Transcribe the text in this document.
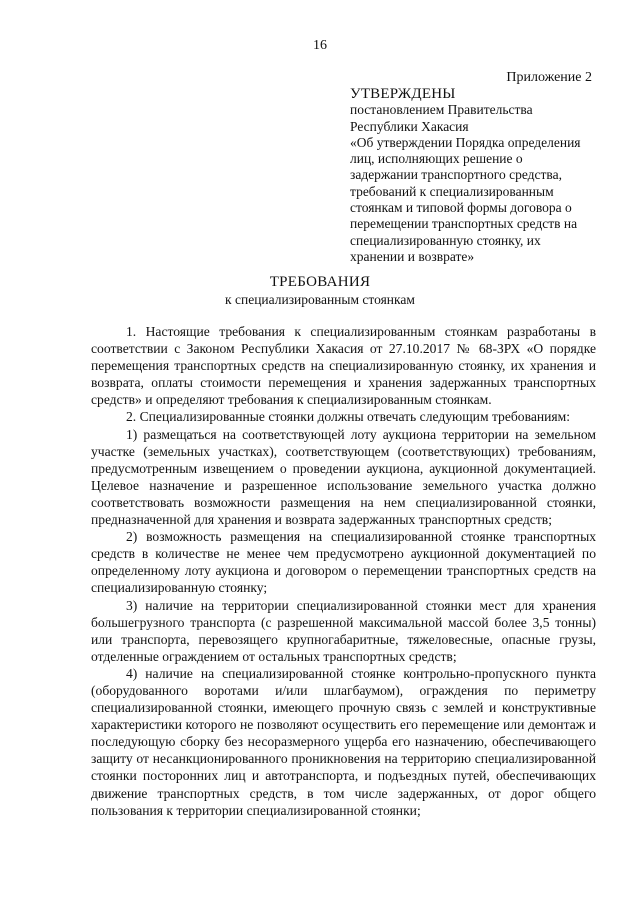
16
Приложение 2
УТВЕРЖДЕНЫ
постановлением Правительства
Республики Хакасия
«Об утверждении Порядка определения
лиц, исполняющих решение о
задержании транспортного средства,
требований к специализированным
стоянкам и типовой формы договора о
перемещении транспортных средств на
специализированную стоянку, их
хранении и возврате»
ТРЕБОВАНИЯ
к специализированным стоянкам

1. Настоящие требования к специализированным стоянкам разработаны в соответствии с Законом Республики Хакасия от 27.10.2017 № 68-ЗРХ «О порядке перемещения транспортных средств на специализированную стоянку, их хранения и возврата, оплаты стоимости перемещения и хранения задержанных транспортных средств» и определяют требования к специализированным стоянкам.

2. Специализированные стоянки должны отвечать следующим требованиям:

1) размещаться на соответствующей лоту аукциона территории на земельном участке (земельных участках), соответствующем (соответствующих) требованиям, предусмотренным извещением о проведении аукциона, аукционной документацией. Целевое назначение и разрешенное использование земельного участка должно соответствовать возможности размещения на нем специализированной стоянки, предназначенной для хранения и возврата задержанных транспортных средств;

2) возможность размещения на специализированной стоянке транспортных средств в количестве не менее чем предусмотрено аукционной документацией по определенному лоту аукциона и договором о перемещении транспортных средств на специализированную стоянку;

3) наличие на территории специализированной стоянки мест для хранения большегрузного транспорта (с разрешенной максимальной массой более 3,5 тонны) или транспорта, перевозящего крупногабаритные, тяжеловесные, опасные грузы, отделенные ограждением от остальных транспортных средств;

4) наличие на специализированной стоянке контрольно-пропускного пункта (оборудованного воротами и/или шлагбаумом), ограждения по периметру специализированной стоянки, имеющего прочную связь с землей и конструктивные характеристики которого не позволяют осуществить его перемещение или демонтаж и последующую сборку без несоразмерного ущерба его назначению, обеспечивающего защиту от несанкционированного проникновения на территорию специализированной стоянки посторонних лиц и автотранспорта, и подъездных путей, обеспечивающих движение транспортных средств, в том числе задержанных, от дорог общего пользования к территории специализированной стоянки;
